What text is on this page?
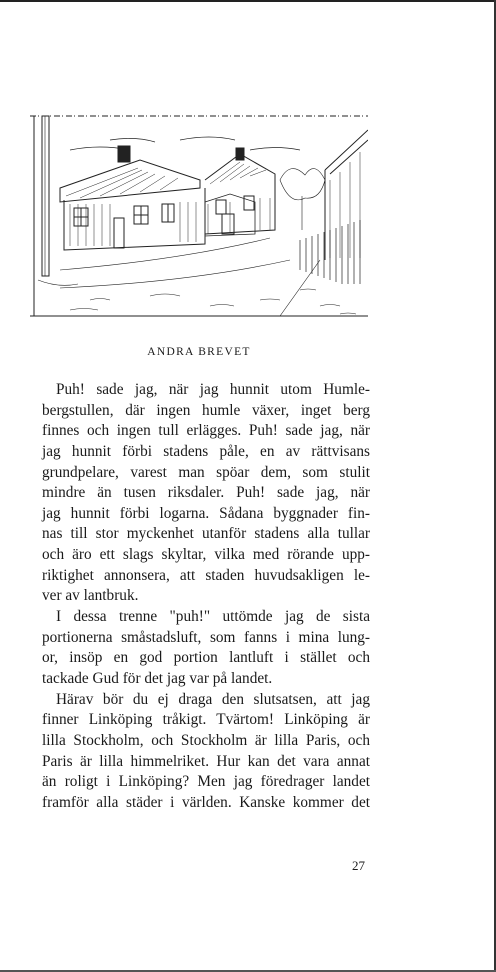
ANDRA BREVET
Puh! sade jag, när jag hunnit utom Humle-
bergstullen, där ingen humle växer, inget berg
finnes och ingen tull erlägges. Puh! sade jag, när
jag hunnit förbi stadens påle, en av rättvisans
grundpelare, varest man spöar dem, som stulit
mindre än tusen riksdaler. Puh! sade jag, när
jag hunnit förbi logarna. Sådana byggnader fin-
nas till stor myckenhet utanför stadens alla tullar
och äro ett slags skyltar, vilka med rörande upp-
riktighet annonsera, att staden huvudsakligen le-
ver av lantbruk.
I dessa trenne "puh!" uttömde jag de sista
portionerna småstadsluft, som fanns i mina lung-
or, insöp en god portion lantluft i stället och
tackade Gud för det jag var på landet.
Härav bör du ej draga den slutsatsen, att jag
finner Linköping tråkigt. Tvärtom! Linköping är
lilla Stockholm, och Stockholm är lilla Paris, och
Paris är lilla himmelriket. Hur kan det vara annat
än roligt i Linköping? Men jag föredrager landet
framför alla städer i världen. Kanske kommer det
27
